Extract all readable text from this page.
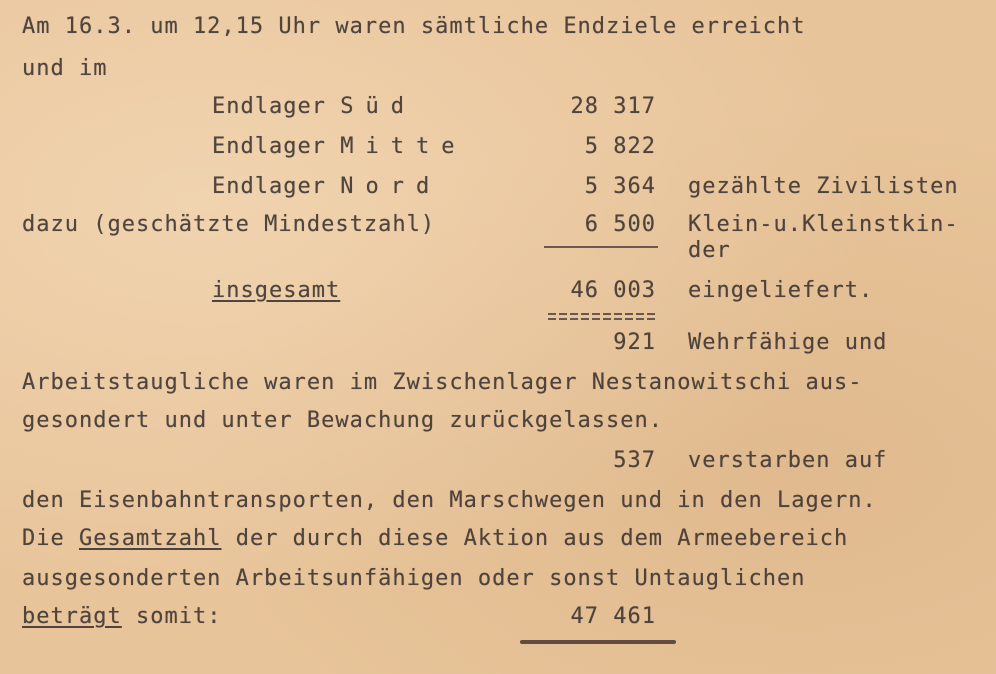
Am 16.3. um 12,15 Uhr waren sämtliche Endziele erreicht
und im
Endlager Süd	28 317
Endlager Mitte	5 822
Endlager Nord	5 364 gezählte Zivilisten
dazu (geschätzte Mindestzahl)	6 500 Klein-u.Kleinstkin-
der
insgesamt	46 003 eingeliefert.
921 Wehrfähige und
Arbeitstaugliche waren im Zwischenlager Nestanowitschi aus-
gesondert und unter Bewachung zurückgelassen.
537 verstarben auf
den Eisenbahntransporten, den Marschwegen und in den Lagern.
Die Gesamtzahl der durch diese Aktion aus dem Armeebereich
ausgesonderten Arbeitsunfähigen oder sonst Untauglichen
beträgt somit:	47 461
